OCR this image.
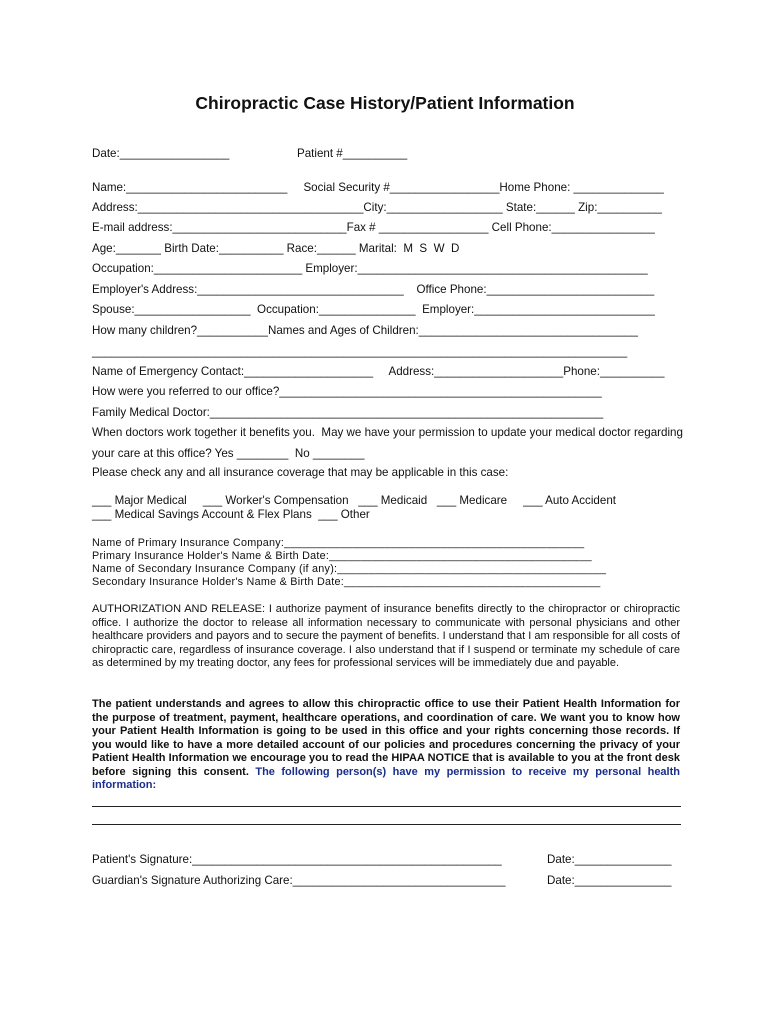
Chiropractic Case History/Patient Information
Date:_________________                     Patient #__________
Name:_________________________     Social Security #_________________Home Phone: ______________
Address:___________________________________City:__________________ State:______ Zip:__________
E-mail address:___________________________Fax # _________________ Cell Phone:________________
Age:_______ Birth Date:__________ Race:______ Marital:  M  S  W  D
Occupation:_______________________ Employer:_____________________________________________
Employer's Address:________________________________    Office Phone:__________________________
Spouse:__________________  Occupation:_______________  Employer:____________________________
How many children?___________Names and Ages of Children:__________________________________
___________________________________________________________________________________
Name of Emergency Contact:____________________     Address:____________________Phone:__________
How were you referred to our office?__________________________________________________
Family Medical Doctor:_____________________________________________________________
When doctors work together it benefits you.  May we have your permission to update your medical doctor regarding
your care at this office? Yes ________  No ________
Please check any and all insurance coverage that may be applicable in this case:
___ Major Medical     ___ Worker's Compensation   ___ Medicaid   ___ Medicare     ___ Auto Accident
___ Medical Savings Account & Flex Plans  ___ Other
Name of Primary Insurance Company:________________________________________________
Primary Insurance Holder's Name & Birth Date:__________________________________________
Name of Secondary Insurance Company (if any):___________________________________________
Secondary Insurance Holder's Name & Birth Date:_________________________________________
AUTHORIZATION AND RELEASE: I authorize payment of insurance benefits directly to the chiropractor or chiropractic office. I authorize the doctor to release all information necessary to communicate with personal physicians and other healthcare providers and payors and to secure the payment of benefits. I understand that I am responsible for all costs of chiropractic care, regardless of insurance coverage. I also understand that if I suspend or terminate my schedule of care as determined by my treating doctor, any fees for professional services will be immediately due and payable.
The patient understands and agrees to allow this chiropractic office to use their Patient Health Information for the purpose of treatment, payment, healthcare operations, and coordination of care. We want you to know how your Patient Health Information is going to be used in this office and your rights concerning those records. If you would like to have a more detailed account of our policies and procedures concerning the privacy of your Patient Health Information we encourage you to read the HIPAA NOTICE that is available to you at the front desk before signing this consent. The following person(s) have my permission to receive my personal health information:
Patient's Signature:________________________________________________	Date:_______________
Guardian's Signature Authorizing Care:_________________________________	Date:_______________
